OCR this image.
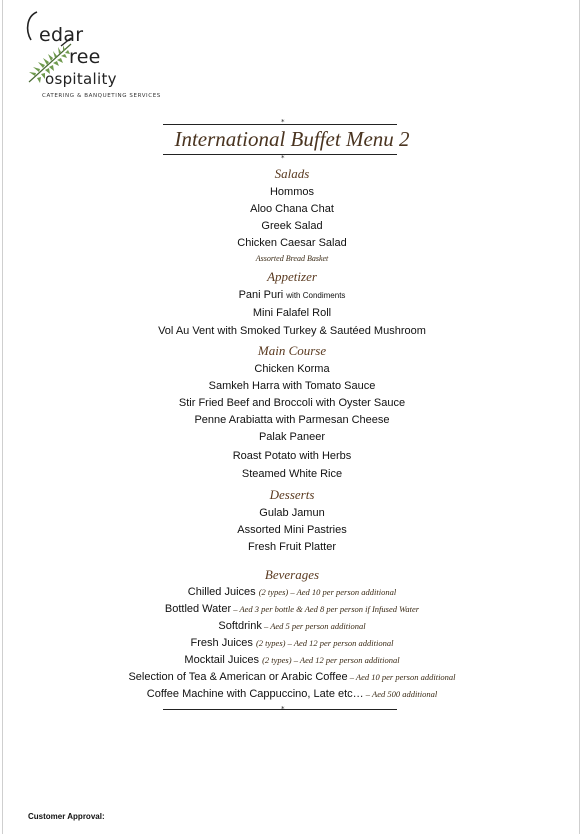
edar
ree
ospitality
CATERING & BANQUETING SERVICES
*
International Buffet Menu 2
*
Salads
Hommos
Aloo Chana Chat
Greek Salad
Chicken Caesar Salad
Assorted Bread Basket
Appetizer
Pani Puri with Condiments
Mini Falafel Roll
Vol Au Vent with Smoked Turkey & Sautéed Mushroom
Main Course
Chicken Korma
Samkeh Harra with Tomato Sauce
Stir Fried Beef and Broccoli with Oyster Sauce
Penne Arabiatta with Parmesan Cheese
Palak Paneer
Roast Potato with Herbs
Steamed White Rice
Desserts
Gulab Jamun
Assorted Mini Pastries
Fresh Fruit Platter
Beverages
Chilled Juices (2 types) – Aed 10 per person additional
Bottled Water – Aed 3 per bottle & Aed 8 per person if Infused Water
Softdrink – Aed 5 per person additional
Fresh Juices (2 types) – Aed 12 per person additional
Mocktail Juices (2 types) – Aed 12 per person additional
Selection of Tea & American or Arabic Coffee – Aed 10 per person additional
Coffee Machine with Cappuccino, Late etc… – Aed 500 additional
*
Customer Approval:
